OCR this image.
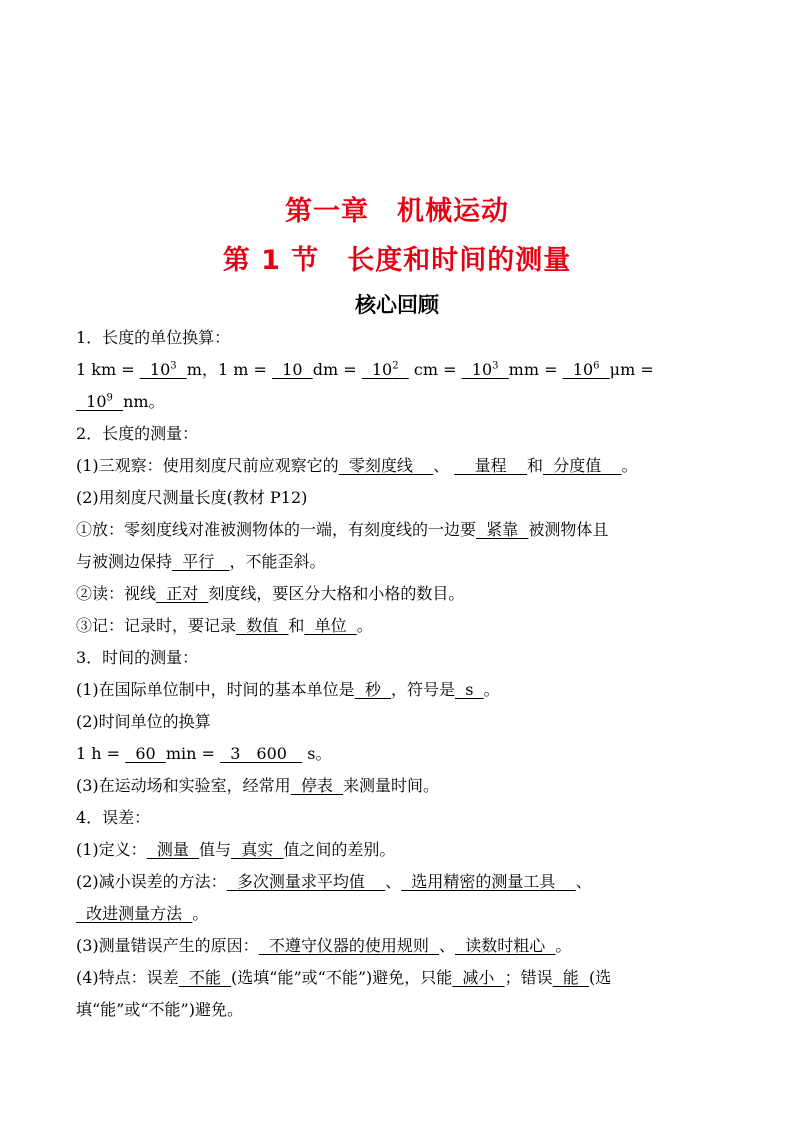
第一章　机械运动
第 1 节　长度和时间的测量
核心回顾
1．长度的单位换算：
1 km =   $10^3$ m，1 m =   10 dm =   $10^2$ cm =   $10^3$ mm =   $10^6$ μm =
$10^9$ nm。
2．长度的测量：
(1)三观察：使用刻度尺前应观察它的 零刻度线 、 量程 和 分度值 。
(2)用刻度尺测量长度(教材 P12)
①放：零刻度线对准被测物体的一端，有刻度线的一边要 紧靠 被测物体且
与被测边保持 平行 ，不能歪斜。
②读：视线 正对 刻度线，要区分大格和小格的数目。
③记：记录时，要记录 数值 和 单位 。
3．时间的测量：
(1)在国际单位制中，时间的基本单位是 秒 ，符号是 s 。
(2)时间单位的换算
1 h =   60 min =   3　600 s。
(3)在运动场和实验室，经常用 停表 来测量时间。
4．误差：
(1)定义： 测量 值与 真实 值之间的差别。
(2)减小误差的方法： 多次测量求平均值 、 选用精密的测量工具 、
改进测量方法 。
(3)测量错误产生的原因： 不遵守仪器的使用规则 、 读数时粗心 。
(4)特点：误差 不能 (选填“能”或“不能”)避免，只能 减小 ；错误 能 (选
填“能”或“不能”)避免。
